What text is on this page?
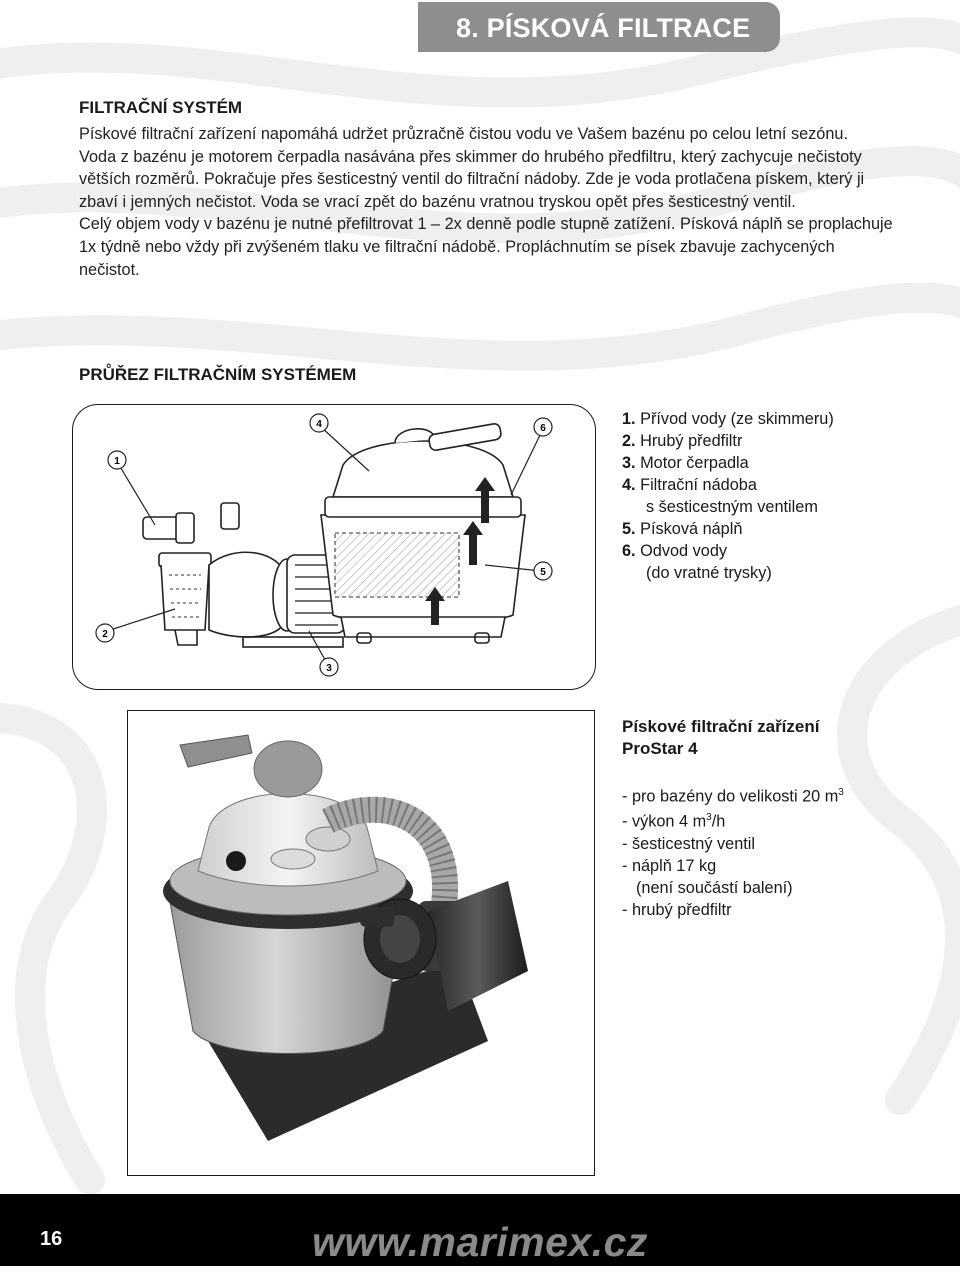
8. PÍSKOVÁ FILTRACE
FILTRAČNÍ SYSTÉM

Pískové filtrační zařízení napomáhá udržet průzračně čistou vodu ve Vašem bazénu po celou letní sezónu.

Voda z bazénu je motorem čerpadla nasávána přes skimmer do hrubého předfiltru, který zachycuje nečistoty větších rozměrů. Pokračuje přes šesticestný ventil do filtrační nádoby. Zde je voda protlačena pískem, který ji zbaví i jemných nečistot. Voda se vrací zpět do bazénu vratnou tryskou opět přes šesticestný ventil.

Celý objem vody v bazénu je nutné přefiltrovat 1 – 2x denně podle stupně zatížení. Písková náplň se proplachuje 1x týdně nebo vždy při zvýšeném tlaku ve filtrační nádobě. Propláchnutím se písek zbavuje zachycených nečistot.

PRŮŘEZ FILTRAČNÍM SYSTÉMEM
1
2
3
4
5
6
1. Přívod vody (ze skimmeru)
2. Hrubý předfiltr
3. Motor čerpadla
4. Filtrační nádoba
s šesticestným ventilem
5. Písková náplň
6. Odvod vody
(do vratné trysky)
Pískové filtrační zařízení
ProStar 4
- pro bazény do velikosti 20 $m^3$
- výkon 4 $m^3/h$
- šesticestný ventil
- náplň 17 kg
(není součástí balení)
- hrubý předfiltr
16	www.marimex.cz
